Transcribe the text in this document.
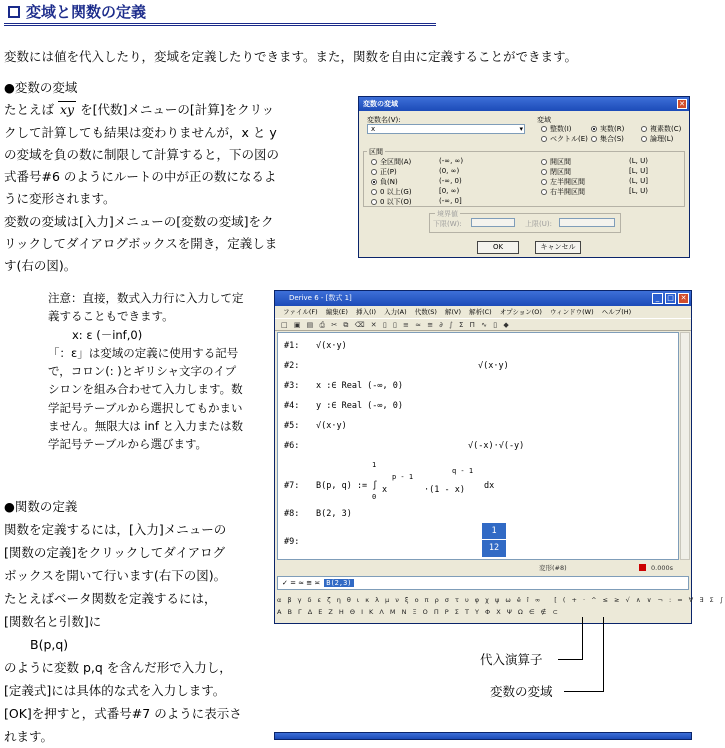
変域と関数の定義
変数には値を代入したり，変域を定義したりできます。また，関数を自由に定義することができます。
●変数の変域
たとえば xy を[代数]メニューの[計算]をクリッ
クして計算しても結果は変わりませんが，x と y
の変域を負の数に制限して計算すると，下の図の
式番号#6 のようにルートの中が正の数になるよ
うに変形されます。
変数の変域は[入力]メニューの[変数の変域]をク
リックしてダイアログボックスを開き，定義しま
す(右の図)。
注意：直接，数式入力行に入力して定
義することもできます。
x: ε (－inf,0)
「：ε」は変域の定義に使用する記号
で，コロン(: )とギリシャ文字のイプ
シロンを組み合わせて入力します。数
学記号テーブルから選択してもかまい
ません。無限大は inf と入力または数
学記号テーブルから選びます。
●関数の定義
関数を定義するには，[入力]メニューの
[関数の定義]をクリックしてダイアログ
ボックスを開いて行います(右下の図)。
たとえばベータ関数を定義するには，
[関数名と引数]に
B(p,q)
のように変数 p,q を含んだ形で入力し，
[定義式]には具体的な式を入力します。
[OK]を押すと，式番号#7 のように表示さ
れます。
変数の変域	✕
変数名(V):
x	▾
変域
整数(I)	実数(R)	複素数(C)
ベクトル(E)	集合(S)	論理(L)
区間
全区間(A)	(-∞, ∞)
正(P)	(0, ∞)
負(N)	(-∞, 0)
0 以上(G)	[0, ∞)
0 以下(O)	(-∞, 0]
開区間	(L, U)
閉区間	[L, U]
左半開区間	(L, U]
右半開区間	[L, U)
境界値
下限(W):	上限(U):
OK	キャンセル
Derive 6 - [数式 1]	_	□ ✕
ファイル(F) 編集(E) 挿入(I) 入力(A) 代数(S) 解(V) 解析(C) オプション(O) ウィンドウ(W) ヘルプ(H)
□ ▣ ▤ ⎙ ✂ ⧉ ⌫ ✕ ▯ ▯ ≡ ≈ ≅ ∂ ∫ Σ Π ∿ ▯ ◆
#1: √(x·y)
#2:	√(x·y)
#3: x :∈ Real (-∞, 0)
#4: y :∈ Real (-∞, 0)
#5: √(x·y)
#6:	√(-x)·√(-y)
#7: B(p, q) := ∫
1
0
x
p - 1
·(1 - x)
q - 1
dx
#8: B(2, 3)
#9:
1
12
変形(#8)	0.000s
✓ = ≈ ≅ ≍ B(2,3)
α β γ δ ε ζ η θ ι κ λ μ ν ξ ο π ρ σ τ υ φ χ ψ ω ê î ∞ [ ( + · ^ ≤ ≥ √ ∧ ∨ ¬ : = ∀ ∃ Σ ∫
Α Β Γ Δ Ε Ζ Η Θ Ι Κ Λ Μ Ν Ξ Ο Π Ρ Σ Τ Υ Φ Χ Ψ Ω ∈ ∉ ⊂
代入演算子
変数の変域
